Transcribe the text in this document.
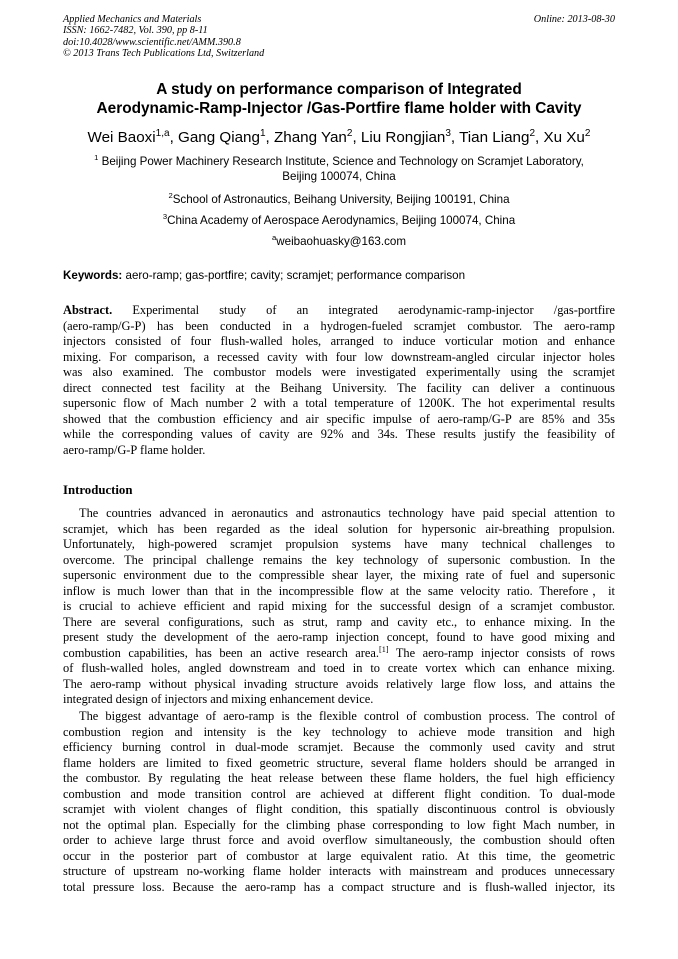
Applied Mechanics and Materials
ISSN: 1662-7482, Vol. 390, pp 8-11
doi:10.4028/www.scientific.net/AMM.390.8
© 2013 Trans Tech Publications Ltd, Switzerland
Online: 2013-08-30
A study on performance comparison of Integrated
Aerodynamic-Ramp-Injector /Gas-Portfire flame holder with Cavity
Wei Baoxi$^{1,a}$, Gang Qiang$^1$, Zhang Yan$^2$, Liu Rongjian$^3$, Tian Liang$^2$, Xu Xu$^2$
$^1$ Beijing Power Machinery Research Institute, Science and Technology on Scramjet Laboratory,
Beijing 100074, China
$^2$School of Astronautics, Beihang University, Beijing 100191, China
$^3$China Academy of Aerospace Aerodynamics, Beijing 100074, China
$^a$weibaohuasky@163.com
Keywords: aero-ramp; gas-portfire; cavity; scramjet; performance comparison
Abstract. Experimental study of an integrated aerodynamic-ramp-injector /gas-portfire
(aero-ramp/G-P) has been conducted in a hydrogen-fueled scramjet combustor. The aero-ramp
injectors consisted of four flush-walled holes, arranged to induce vorticular motion and enhance
mixing. For comparison, a recessed cavity with four low downstream-angled circular injector holes
was also examined. The combustor models were investigated experimentally using the scramjet
direct connected test facility at the Beihang University. The facility can deliver a continuous
supersonic flow of Mach number 2 with a total temperature of 1200K. The hot experimental results
showed that the combustion efficiency and air specific impulse of aero-ramp/G-P are 85% and 35s
while the corresponding values of cavity are 92% and 34s. These results justify the feasibility of
aero-ramp/G-P flame holder.
Introduction
The countries advanced in aeronautics and astronautics technology have paid special attention to
scramjet, which has been regarded as the ideal solution for hypersonic air-breathing propulsion.
Unfortunately, high-powered scramjet propulsion systems have many technical challenges to
overcome. The principal challenge remains the key technology of supersonic combustion. In the
supersonic environment due to the compressible shear layer, the mixing rate of fuel and supersonic
inflow is much lower than that in the incompressible flow at the same velocity ratio. Therefore，it
is crucial to achieve efficient and rapid mixing for the successful design of a scramjet combustor.
There are several configurations, such as strut, ramp and cavity etc., to enhance mixing. In the
present study the development of the aero-ramp injection concept, found to have good mixing and
combustion capabilities, has been an active research area.[1] The aero-ramp injector consists of rows
of flush-walled holes, angled downstream and toed in to create vortex which can enhance mixing.
The aero-ramp without physical invading structure avoids relatively large flow loss, and attains the
integrated design of injectors and mixing enhancement device.
The biggest advantage of aero-ramp is the flexible control of combustion process. The control of
combustion region and intensity is the key technology to achieve mode transition and high
efficiency burning control in dual-mode scramjet. Because the commonly used cavity and strut
flame holders are limited to fixed geometric structure, several flame holders should be arranged in
the combustor. By regulating the heat release between these flame holders, the fuel high efficiency
combustion and mode transition control are achieved at different flight condition. To dual-mode
scramjet with violent changes of flight condition, this spatially discontinuous control is obviously
not the optimal plan. Especially for the climbing phase corresponding to low fight Mach number, in
order to achieve large thrust force and avoid overflow simultaneously, the combustion should often
occur in the posterior part of combustor at large equivalent ratio. At this time, the geometric
structure of upstream no-working flame holder interacts with mainstream and produces unnecessary
total pressure loss. Because the aero-ramp has a compact structure and is flush-walled injector, its
